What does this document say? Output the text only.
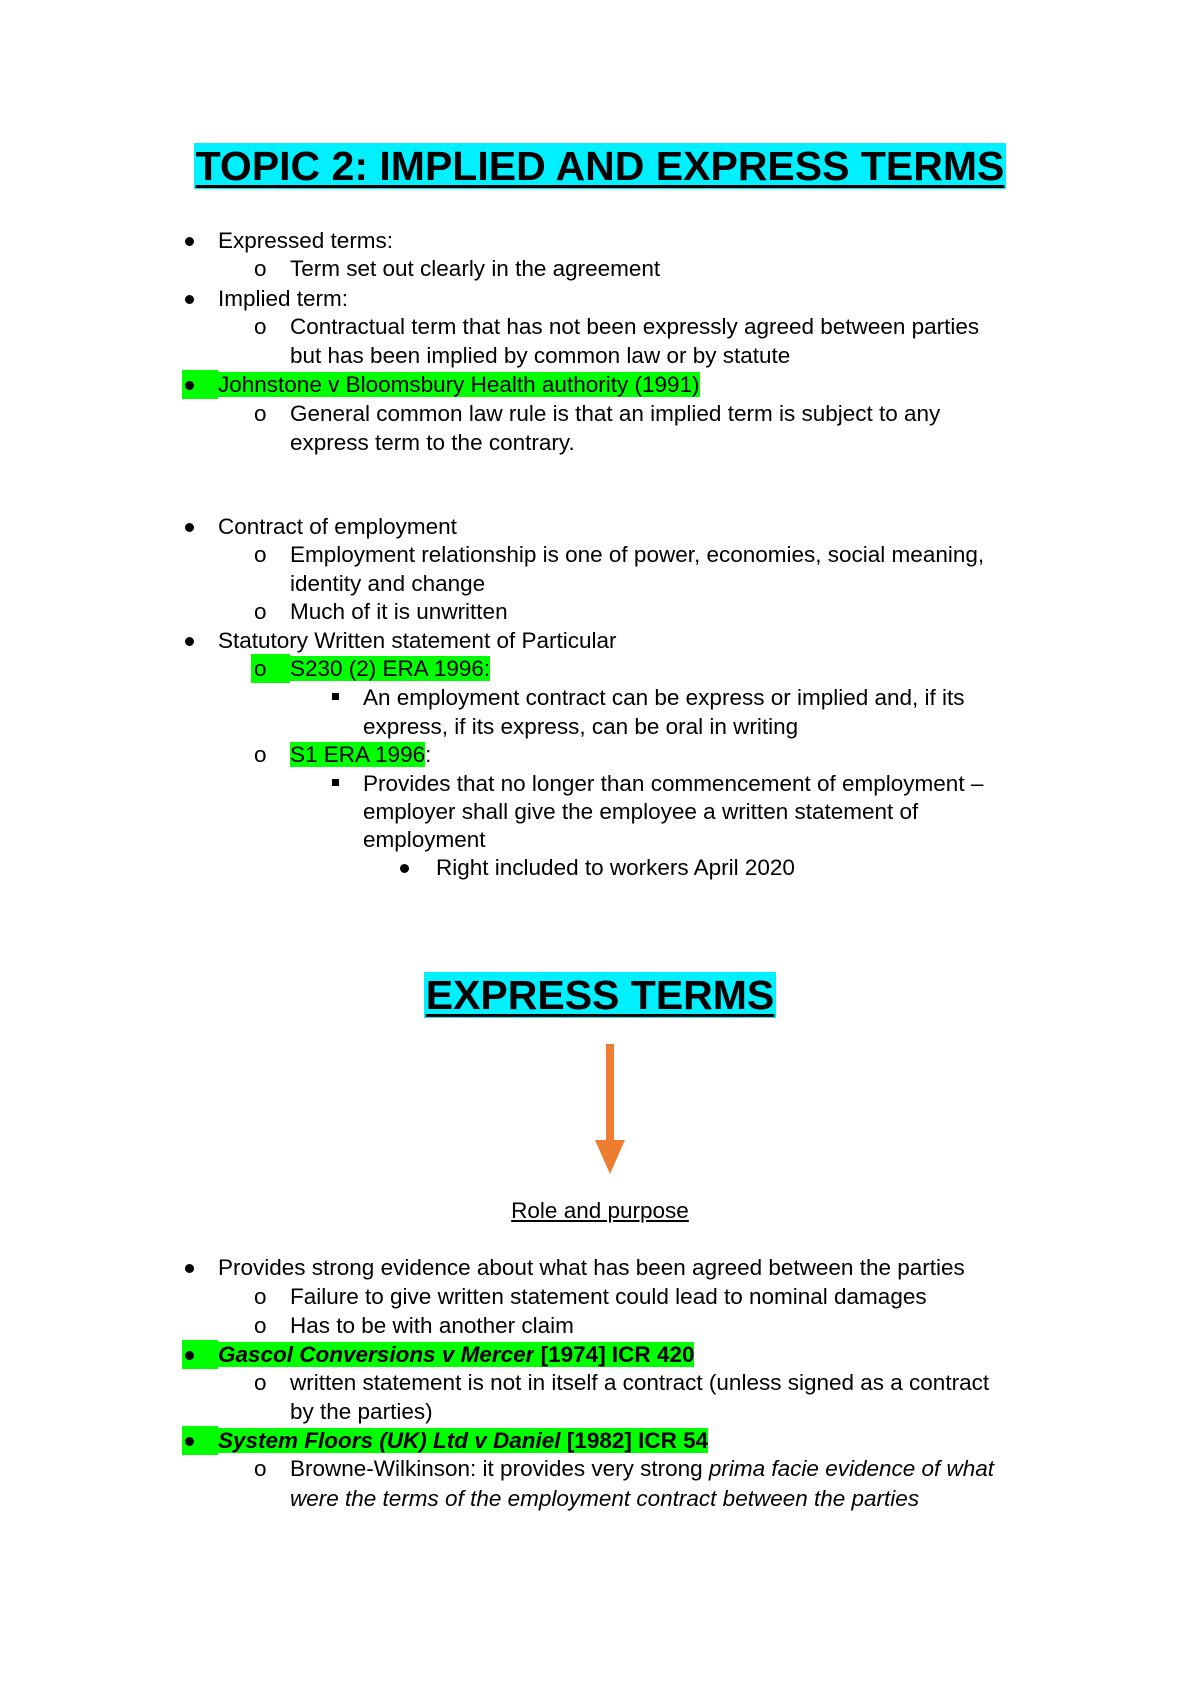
TOPIC 2: IMPLIED AND EXPRESS TERMS
Expressed terms:
o Term set out clearly in the agreement
Implied term:
o Contractual term that has not been expressly agreed between parties
but has been implied by common law or by statute
Johnstone v Bloomsbury Health authority (1991)
o General common law rule is that an implied term is subject to any
express term to the contrary.
Contract of employment
o Employment relationship is one of power, economies, social meaning,
identity and change
o Much of it is unwritten
Statutory Written statement of Particular
o S230 (2) ERA 1996:
An employment contract can be express or implied and, if its
express, if its express, can be oral in writing
o S1 ERA 1996:
Provides that no longer than commencement of employment –
employer shall give the employee a written statement of
employment
Right included to workers April 2020
EXPRESS TERMS
Role and purpose
Provides strong evidence about what has been agreed between the parties
o Failure to give written statement could lead to nominal damages
o Has to be with another claim
Gascol Conversions v Mercer [1974] ICR 420
o written statement is not in itself a contract (unless signed as a contract
by the parties)
System Floors (UK) Ltd v Daniel [1982] ICR 54
o Browne-Wilkinson: it provides very strong prima facie evidence of what
were the terms of the employment contract between the parties
